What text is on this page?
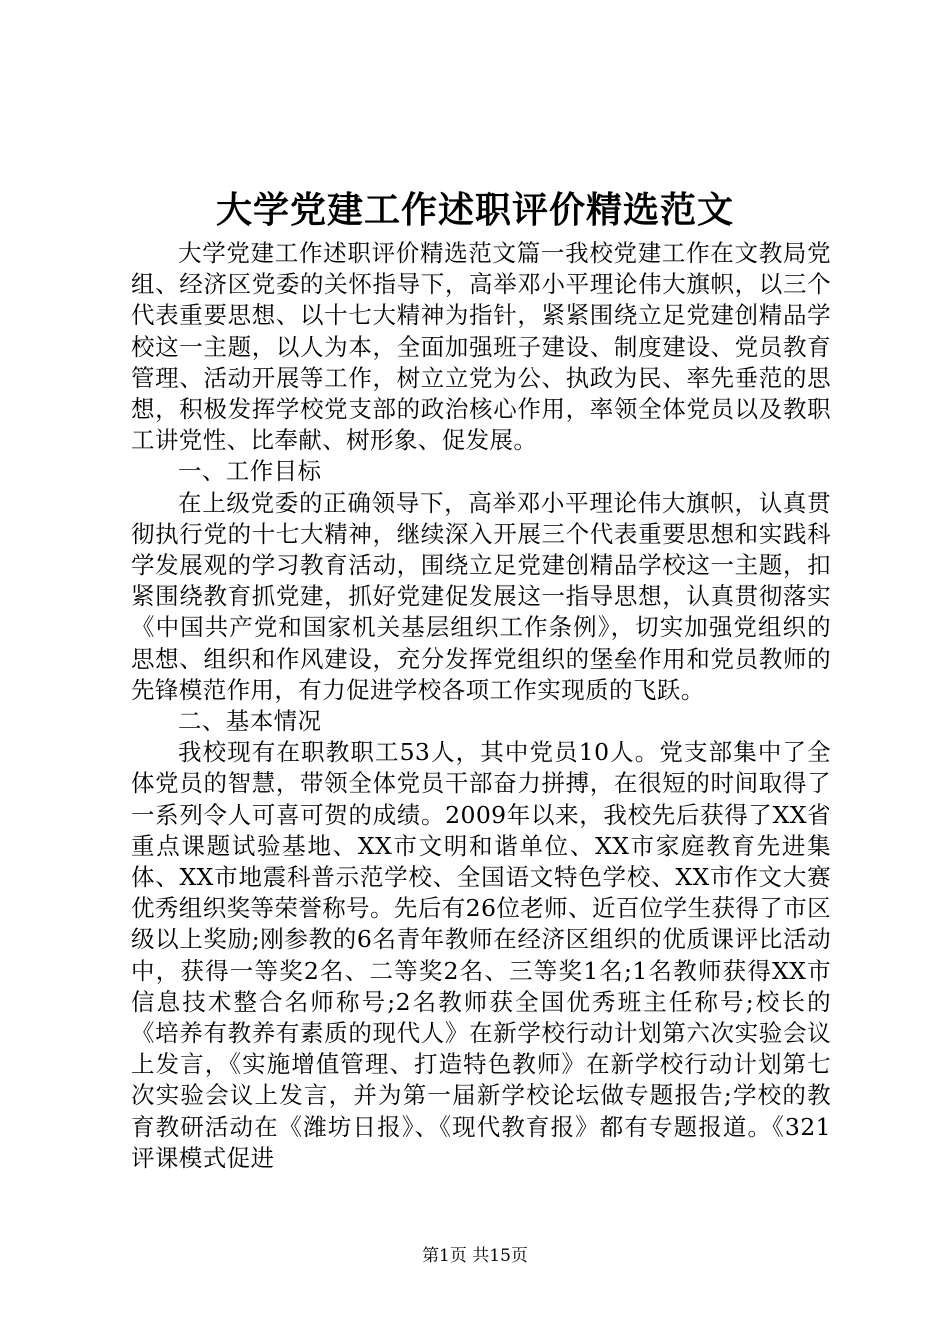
大学党建工作述职评价精选范文

大学党建工作述职评价精选范文篇一我校党建工作在文教局党组、经济区党委的关怀指导下，高举邓小平理论伟大旗帜，以三个代表重要思想、以十七大精神为指针，紧紧围绕立足党建创精品学校这一主题，以人为本，全面加强班子建设、制度建设、党员教育管理、活动开展等工作，树立立党为公、执政为民、率先垂范的思想，积极发挥学校党支部的政治核心作用，率领全体党员以及教职工讲党性、比奉献、树形象、促发展。

一、工作目标

在上级党委的正确领导下，高举邓小平理论伟大旗帜，认真贯彻执行党的十七大精神，继续深入开展三个代表重要思想和实践科学发展观的学习教育活动，围绕立足党建创精品学校这一主题，扣紧围绕教育抓党建，抓好党建促发展这一指导思想，认真贯彻落实《中国共产党和国家机关基层组织工作条例》，切实加强党组织的思想、组织和作风建设，充分发挥党组织的堡垒作用和党员教师的先锋模范作用，有力促进学校各项工作实现质的飞跃。

二、基本情况

我校现有在职教职工53人，其中党员10人。党支部集中了全体党员的智慧，带领全体党员干部奋力拼搏，在很短的时间取得了一系列令人可喜可贺的成绩。2009年以来，我校先后获得了XX省重点课题试验基地、XX市文明和谐单位、XX市家庭教育先进集体、XX市地震科普示范学校、全国语文特色学校、XX市作文大赛优秀组织奖等荣誉称号。先后有26位老师、近百位学生获得了市区级以上奖励;刚参教的6名青年教师在经济区组织的优质课评比活动中，获得一等奖2名、二等奖2名、三等奖1名;1名教师获得XX市信息技术整合名师称号;2名教师获全国优秀班主任称号;校长的《培养有教养有素质的现代人》在新学校行动计划第六次实验会议上发言，《实施增值管理、打造特色教师》在新学校行动计划第七次实验会议上发言，并为第一届新学校论坛做专题报告;学校的教育教研活动在《潍坊日报》、《现代教育报》都有专题报道。《321评课模式促进

第1页 共15页
